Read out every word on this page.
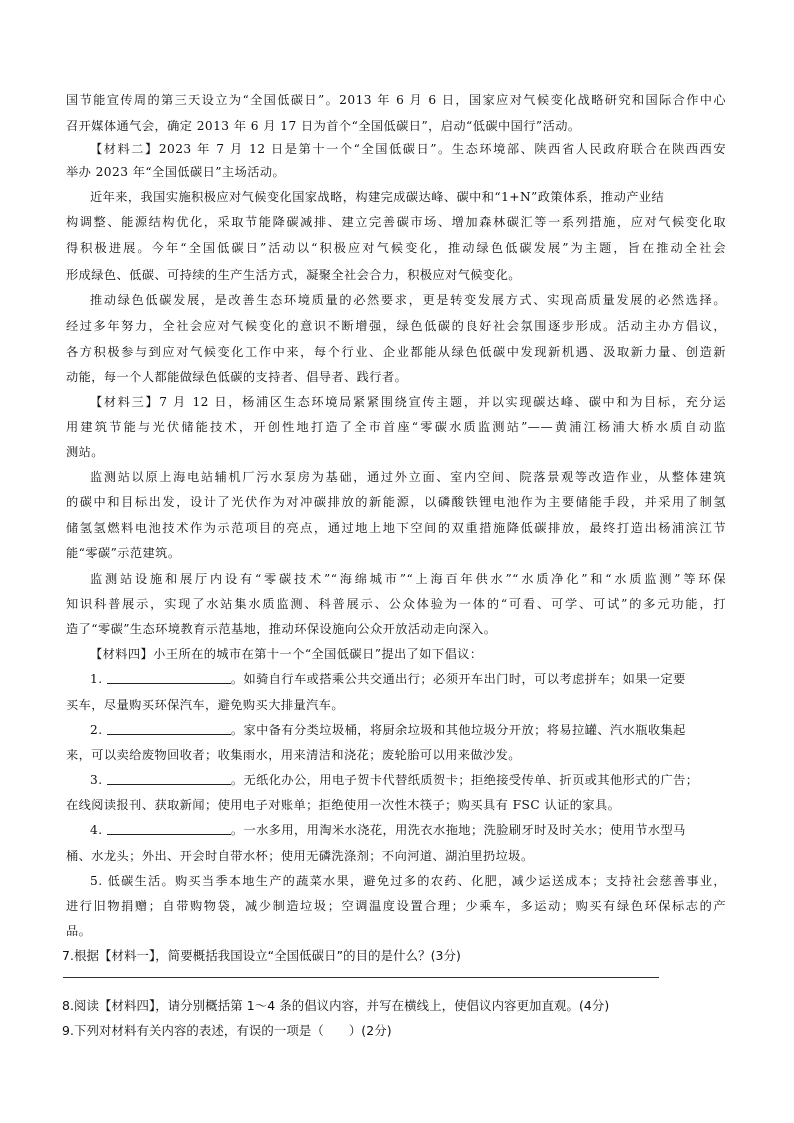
国节能宣传周的第三天设立为“全国低碳日”。2013 年 6 月 6 日，国家应对气候变化战略研究和国际合作中心
召开媒体通气会，确定 2013 年 6 月 17 日为首个“全国低碳日”，启动“低碳中国行”活动。
【材料二】2023 年 7 月 12 日是第十一个“全国低碳日”。生态环境部、陕西省人民政府联合在陕西西安
举办 2023 年“全国低碳日”主场活动。
近年来，我国实施积极应对气候变化国家战略，构建完成碳达峰、碳中和“1+N”政策体系，推动产业结
构调整、能源结构优化，采取节能降碳减排、建立完善碳市场、增加森林碳汇等一系列措施，应对气候变化取
得积极进展。今年“全国低碳日”活动以“积极应对气候变化，推动绿色低碳发展”为主题，旨在推动全社会
形成绿色、低碳、可持续的生产生活方式，凝聚全社会合力，积极应对气候变化。
推动绿色低碳发展，是改善生态环境质量的必然要求，更是转变发展方式、实现高质量发展的必然选择。
经过多年努力，全社会应对气候变化的意识不断增强，绿色低碳的良好社会氛围逐步形成。活动主办方倡议，
各方积极参与到应对气候变化工作中来，每个行业、企业都能从绿色低碳中发现新机遇、汲取新力量、创造新
动能，每一个人都能做绿色低碳的支持者、倡导者、践行者。
【材料三】7 月 12 日，杨浦区生态环境局紧紧围绕宣传主题，并以实现碳达峰、碳中和为目标，充分运
用建筑节能与光伏储能技术，开创性地打造了全市首座“零碳水质监测站”——黄浦江杨浦大桥水质自动监
测站。
监测站以原上海电站辅机厂污水泵房为基础，通过外立面、室内空间、院落景观等改造作业，从整体建筑
的碳中和目标出发，设计了光伏作为对冲碳排放的新能源，以磷酸铁锂电池作为主要储能手段，并采用了制氢
储氢氢燃料电池技术作为示范项目的亮点，通过地上地下空间的双重措施降低碳排放，最终打造出杨浦滨江节
能“零碳”示范建筑。
监测站设施和展厅内设有“零碳技术”“海绵城市”“上海百年供水”“水质净化”和“水质监测”等环保
知识科普展示，实现了水站集水质监测、科普展示、公众体验为一体的“可看、可学、可试”的多元功能，打
造了“零碳”生态环境教育示范基地，推动环保设施向公众开放活动走向深入。
【材料四】小王所在的城市在第十一个“全国低碳日”提出了如下倡议：
1.	。如骑自行车或搭乘公共交通出行；必须开车出门时，可以考虑拼车；如果一定要
买车，尽量购买环保汽车，避免购买大排量汽车。
2.	。家中备有分类垃圾桶，将厨余垃圾和其他垃圾分开放；将易拉罐、汽水瓶收集起
来，可以卖给废物回收者；收集雨水，用来清洁和浇花；废轮胎可以用来做沙发。
3.	。无纸化办公，用电子贺卡代替纸质贺卡；拒绝接受传单、折页或其他形式的广告；
在线阅读报刊、获取新闻；使用电子对账单；拒绝使用一次性木筷子；购买具有 FSC 认证的家具。
4.	。一水多用，用淘米水浇花，用洗衣水拖地；洗脸刷牙时及时关水；使用节水型马
桶、水龙头；外出、开会时自带水杯；使用无磷洗涤剂；不向河道、湖泊里扔垃圾。
5. 低碳生活。购买当季本地生产的蔬菜水果，避免过多的农药、化肥，减少运送成本；支持社会慈善事业，
进行旧物捐赠；自带购物袋，减少制造垃圾；空调温度设置合理；少乘车，多运动；购买有绿色环保标志的产
品。
7.根据【材料一】，简要概括我国设立“全国低碳日”的目的是什么？(3分)
8.阅读【材料四】，请分别概括第 1～4 条的倡议内容，并写在横线上，使倡议内容更加直观。(4分)
9.下列对材料有关内容的表述，有误的一项是（　　）(2分)
